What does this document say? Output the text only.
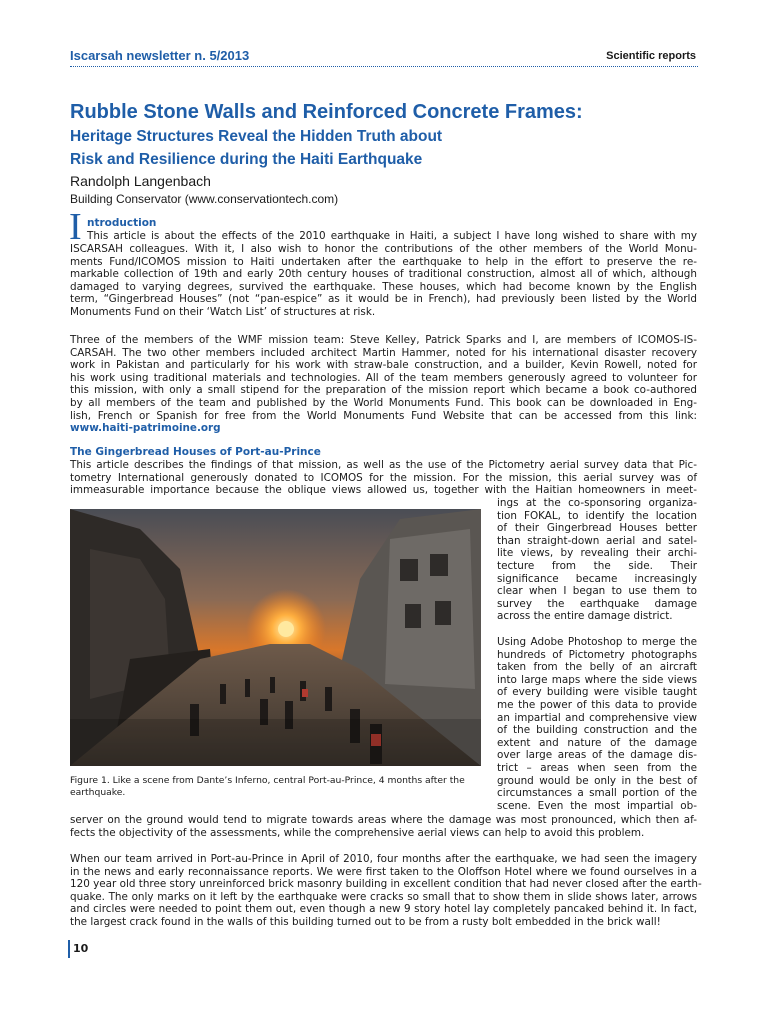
Iscarsah newsletter n. 5/2013	Scientific reports
Rubble Stone Walls and Reinforced Concrete Frames:
Heritage Structures Reveal the Hidden Truth about
Risk and Resilience during the Haiti Earthquake
Randolph Langenbach
Building Conservator (www.conservationtech.com)
I ntroduction
This article is about the effects of the 2010 earthquake in Haiti, a subject I have long wished to share with my
ISCARSAH colleagues. With it, I also wish to honor the contributions of the other members of the World Monu-
ments Fund/ICOMOS mission to Haiti undertaken after the earthquake to help in the effort to preserve the re-
markable collection of 19th and early 20th century houses of traditional construction, almost all of which, although
damaged to varying degrees, survived the earthquake. These houses, which had become known by the English
term, “Gingerbread Houses” (not “pan-espice” as it would be in French), had previously been listed by the World
Monuments Fund on their ‘Watch List’ of structures at risk.
Three of the members of the WMF mission team: Steve Kelley, Patrick Sparks and I, are members of ICOMOS-IS-
CARSAH. The two other members included architect Martin Hammer, noted for his international disaster recovery
work in Pakistan and particularly for his work with straw-bale construction, and a builder, Kevin Rowell, noted for
his work using traditional materials and technologies. All of the team members generously agreed to volunteer for
this mission, with only a small stipend for the preparation of the mission report which became a book co-authored
by all members of the team and published by the World Monuments Fund. This book can be downloaded in Eng-
lish, French or Spanish for free from the World Monuments Fund Website that can be accessed from this link:
www.haiti-patrimoine.org
The Gingerbread Houses of Port-au-Prince
This article describes the findings of that mission, as well as the use of the Pictometry aerial survey data that Pic-
tometry International generously donated to ICOMOS for the mission. For the mission, this aerial survey was of
immeasurable importance because the oblique views allowed us, together with the Haitian homeowners in meet-
ings at the co-sponsoring organiza-
tion FOKAL, to identify the location
of their Gingerbread Houses better
than straight-down aerial and satel-
lite views, by revealing their archi-
tecture from the side. Their
significance became increasingly
clear when I began to use them to
survey the earthquake damage
across the entire damage district.
Using Adobe Photoshop to merge the
hundreds of Pictometry photographs
taken from the belly of an aircraft
into large maps where the side views
of every building were visible taught
me the power of this data to provide
an impartial and comprehensive view
of the building construction and the
extent and nature of the damage
over large areas of the damage dis-
trict – areas when seen from the
ground would be only in the best of
circumstances a small portion of the
scene. Even the most impartial ob-
Figure 1. Like a scene from Dante’s Inferno, central Port-au-Prince, 4 months after the earthquake.
server on the ground would tend to migrate towards areas where the damage was most pronounced, which then af-
fects the objectivity of the assessments, while the comprehensive aerial views can help to avoid this problem.
When our team arrived in Port-au-Prince in April of 2010, four months after the earthquake, we had seen the imagery
in the news and early reconnaissance reports. We were first taken to the Oloffson Hotel where we found ourselves in a
120 year old three story unreinforced brick masonry building in excellent condition that had never closed after the earth-
quake. The only marks on it left by the earthquake were cracks so small that to show them in slide shows later, arrows
and circles were needed to point them out, even though a new 9 story hotel lay completely pancaked behind it. In fact,
the largest crack found in the walls of this building turned out to be from a rusty bolt embedded in the brick wall!
10
